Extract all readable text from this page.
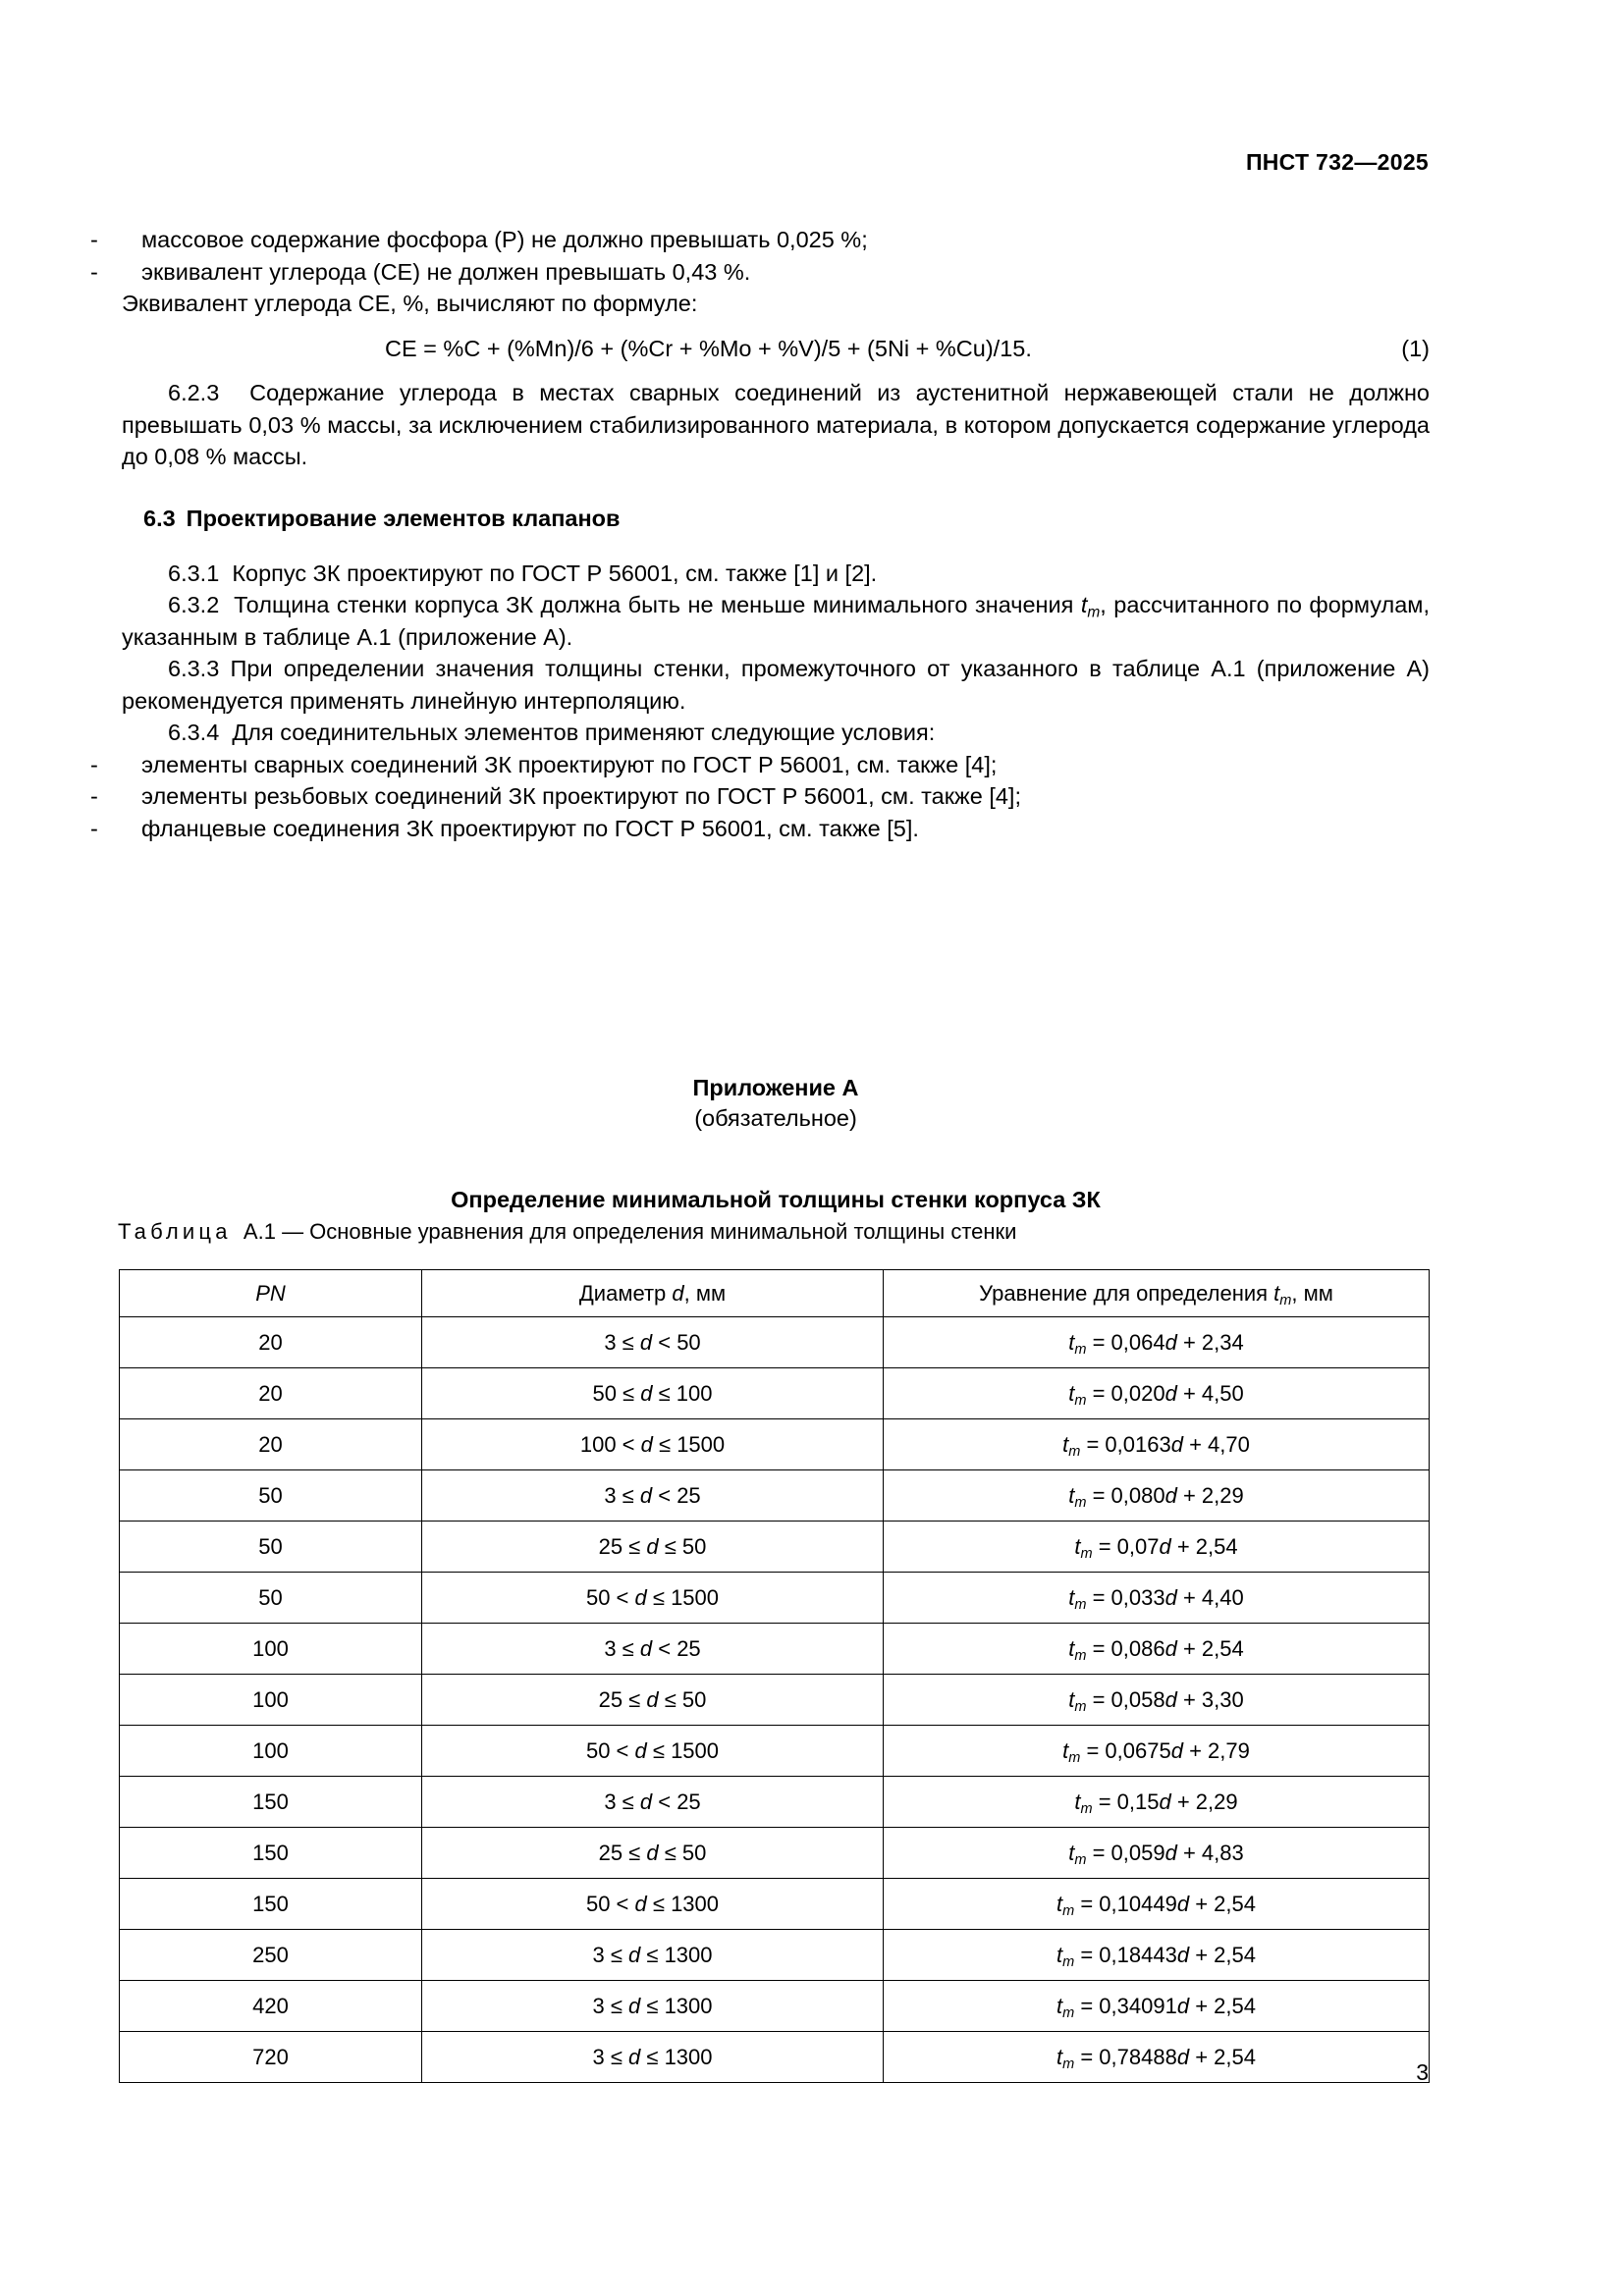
ПНСТ 732—2025

- массовое содержание фосфора (P) не должно превышать 0,025 %;

- эквивалент углерода (CE) не должен превышать 0,43 %.

Эквивалент углерода CE, %, вычисляют по формуле:

CE = %C + (%Mn)/6 + (%Cr + %Mo + %V)/5 + (5Ni + %Cu)/15.	(1)

6.2.3 Содержание углерода в местах сварных соединений из аустенитной нержавеющей стали не должно превышать 0,03 % массы, за исключением стабилизированного материала, в котором допускается содержание углерода до 0,08 % массы.

6.3 Проектирование элементов клапанов

6.3.1 Корпус ЗК проектируют по ГОСТ Р 56001, см. также [1] и [2].

6.3.2 Толщина стенки корпуса ЗК должна быть не меньше минимального значения $t_m$, рассчитанного по формулам, указанным в таблице А.1 (приложение А).

6.3.3 При определении значения толщины стенки, промежуточного от указанного в таблице А.1 (приложение А) рекомендуется применять линейную интерполяцию.

6.3.4 Для соединительных элементов применяют следующие условия:

- элементы сварных соединений ЗК проектируют по ГОСТ Р 56001, см. также [4];

- элементы резьбовых соединений ЗК проектируют по ГОСТ Р 56001, см. также [4];

- фланцевые соединения ЗК проектируют по ГОСТ Р 56001, см. также [5].

Приложение А

(обязательное)

Определение минимальной толщины стенки корпуса ЗК

Таблица А.1 — Основные уравнения для определения минимальной толщины стенки
PN	Диаметр d, мм	Уравнение для определения $t_m$, мм
20	3 ≤ d < 50	$t_m = 0,064d + 2,34$
20	50 ≤ d ≤ 100	$t_m = 0,020d + 4,50$
20	100 < d ≤ 1500	$t_m = 0,0163d + 4,70$
50	3 ≤ d < 25	$t_m = 0,080d + 2,29$
50	25 ≤ d ≤ 50	$t_m = 0,07d + 2,54$
50	50 < d ≤ 1500	$t_m = 0,033d + 4,40$
100	3 ≤ d < 25	$t_m = 0,086d + 2,54$
100	25 ≤ d ≤ 50	$t_m = 0,058d + 3,30$
100	50 < d ≤ 1500	$t_m = 0,0675d + 2,79$
150	3 ≤ d < 25	$t_m = 0,15d + 2,29$
150	25 ≤ d ≤ 50	$t_m = 0,059d + 4,83$
150	50 < d ≤ 1300	$t_m = 0,10449d + 2,54$
250	3 ≤ d ≤ 1300	$t_m = 0,18443d + 2,54$
420	3 ≤ d ≤ 1300	$t_m = 0,34091d + 2,54$
720	3 ≤ d ≤ 1300	$t_m = 0,78488d + 2,54$
3
